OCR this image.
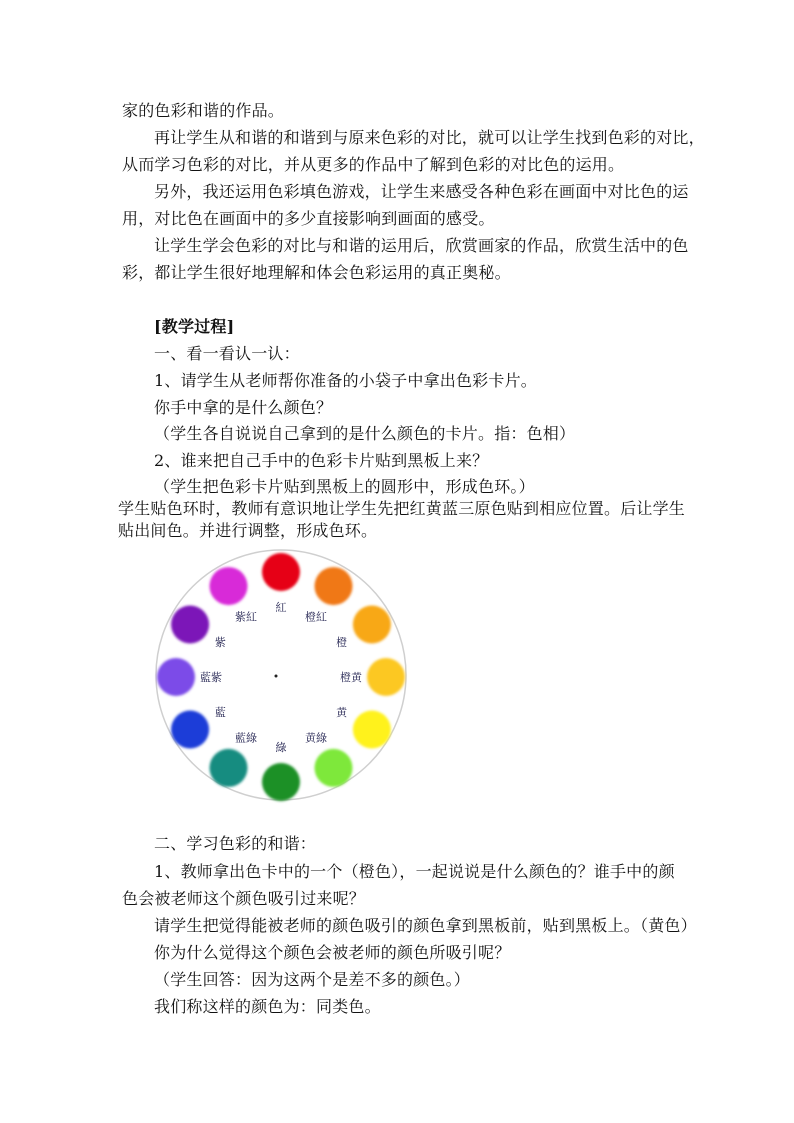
家的色彩和谐的作品。
再让学生从和谐的和谐到与原来色彩的对比，就可以让学生找到色彩的对比，
从而学习色彩的对比，并从更多的作品中了解到色彩的对比色的运用。
另外，我还运用色彩填色游戏，让学生来感受各种色彩在画面中对比色的运
用，对比色在画面中的多少直接影响到画面的感受。
让学生学会色彩的对比与和谐的运用后，欣赏画家的作品，欣赏生活中的色
彩，都让学生很好地理解和体会色彩运用的真正奥秘。
[教学过程]
一、看一看认一认：
1、请学生从老师帮你准备的小袋子中拿出色彩卡片。
你手中拿的是什么颜色？
（学生各自说说自己拿到的是什么颜色的卡片。指：色相）
2、谁来把自己手中的色彩卡片贴到黑板上来？
（学生把色彩卡片贴到黑板上的圆形中，形成色环。）
学生贴色环时，教师有意识地让学生先把红黄蓝三原色贴到相应位置。后让学生
贴出间色。并进行调整，形成色环。
紅
橙紅
橙
橙黄
黄
黄綠
綠
藍綠
藍
藍紫
紫
紫紅
二、学习色彩的和谐：
1、教师拿出色卡中的一个（橙色），一起说说是什么颜色的？谁手中的颜
色会被老师这个颜色吸引过来呢？
请学生把觉得能被老师的颜色吸引的颜色拿到黑板前，贴到黑板上。（黄色）
你为什么觉得这个颜色会被老师的颜色所吸引呢？
（学生回答：因为这两个是差不多的颜色。）
我们称这样的颜色为：同类色。
